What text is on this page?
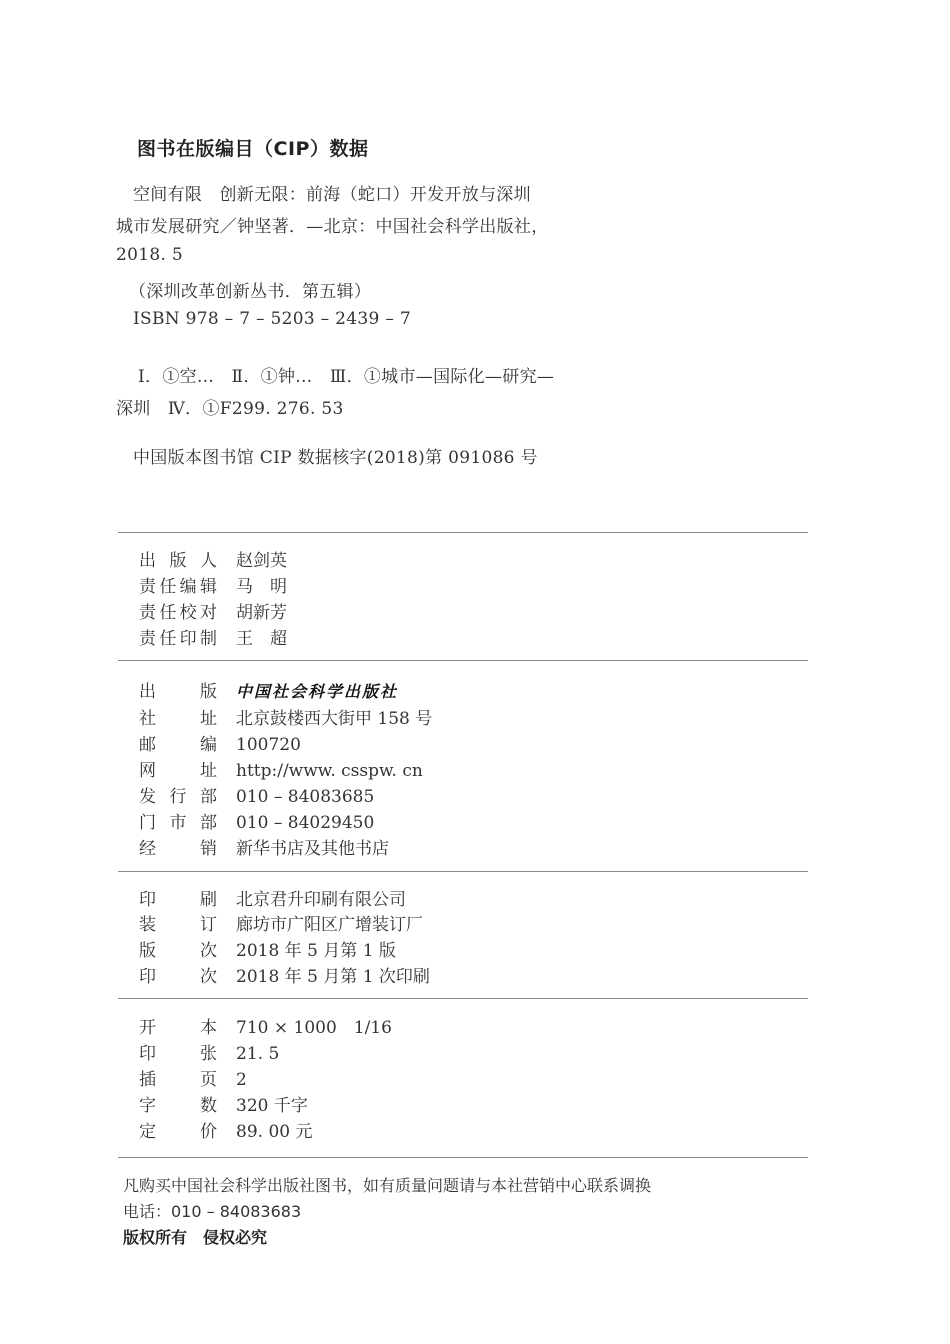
图书在版编目（CIP）数据
空间有限　创新无限：前海（蛇口）开发开放与深圳
城市发展研究／钟坚著．—北京：中国社会科学出版社，
2018. 5
（深圳改革创新丛书．第五辑）
ISBN 978 – 7 – 5203 – 2439 – 7
Ⅰ．①空…　Ⅱ．①钟…　Ⅲ．①城市—国际化—研究—
深圳　Ⅳ．①F299. 276. 53
中国版本图书馆 CIP 数据核字(2018)第 091086 号
出 版 人 赵剑英
责 任 编 辑 马　明
责 任 校 对 胡新芳
责 任 印 制 王　超
出	版 中国社会科学出版社
社	址 北京鼓楼西大街甲 158 号
邮	编 100720
网	址 http://www. csspw. cn
发 行 部 010 – 84083685
门 市 部 010 – 84029450
经	销 新华书店及其他书店
印	刷 北京君升印刷有限公司
装	订 廊坊市广阳区广增装订厂
版	次 2018 年 5 月第 1 版
印	次 2018 年 5 月第 1 次印刷
开	本 710 × 1000　1/16
印	张 21. 5
插	页 2
字	数 320 千字
定	价 89. 00 元
凡购买中国社会科学出版社图书，如有质量问题请与本社营销中心联系调换
电话：010 – 84083683
版权所有　侵权必究
